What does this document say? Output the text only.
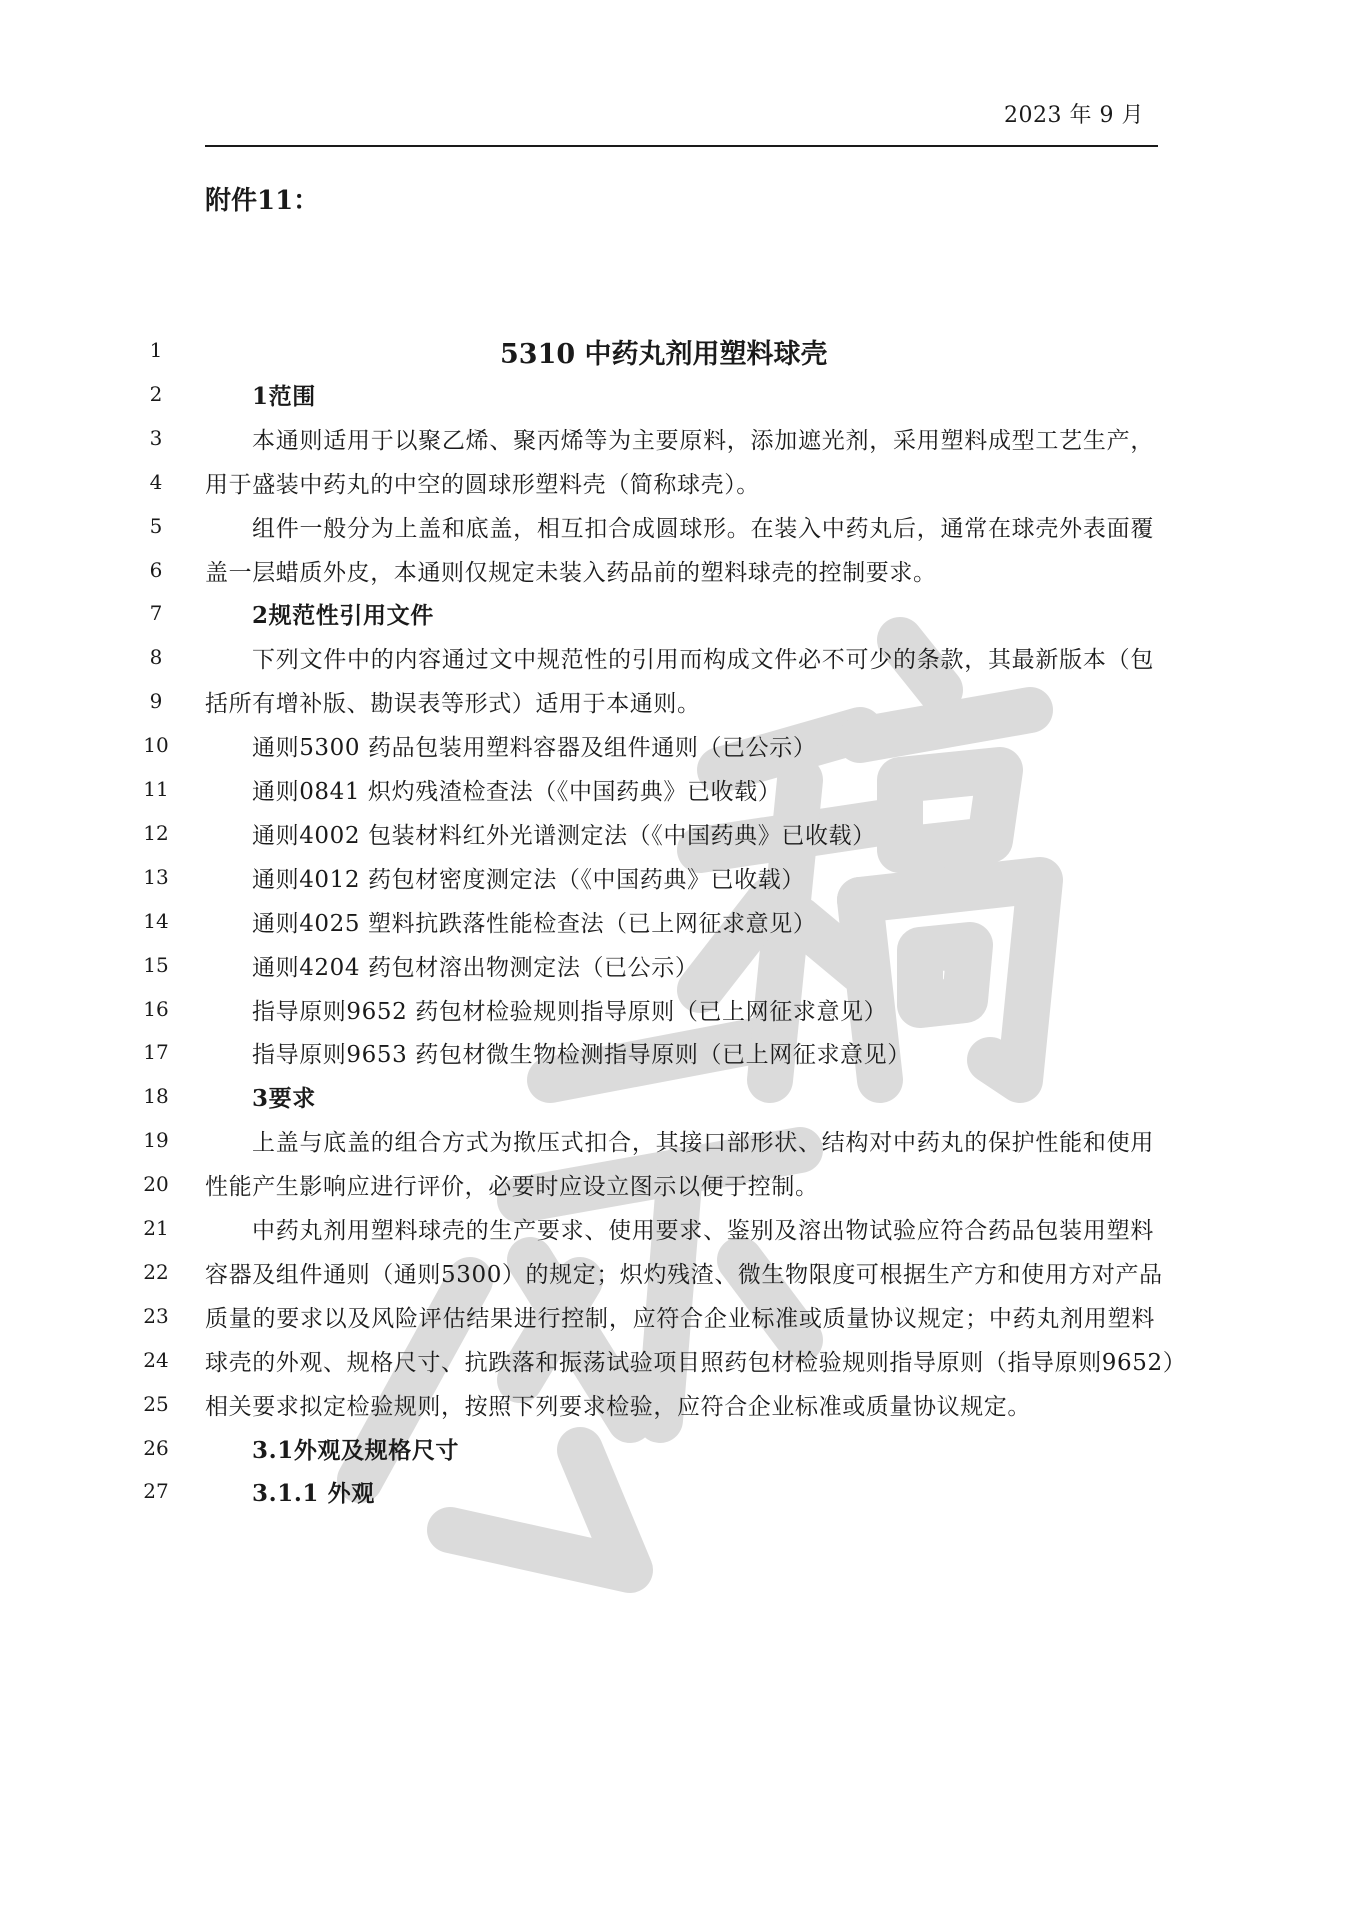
2023 年 9 月
附件11：
1	5310 中药丸剂用塑料球壳
2	1范围
3	本通则适用于以聚乙烯、聚丙烯等为主要原料，添加遮光剂，采用塑料成型工艺生产，
4	用于盛装中药丸的中空的圆球形塑料壳（简称球壳）。
5	组件一般分为上盖和底盖，相互扣合成圆球形。在装入中药丸后，通常在球壳外表面覆
6	盖一层蜡质外皮，本通则仅规定未装入药品前的塑料球壳的控制要求。
7	2规范性引用文件
8	下列文件中的内容通过文中规范性的引用而构成文件必不可少的条款，其最新版本（包
9	括所有增补版、勘误表等形式）适用于本通则。
10	通则5300 药品包装用塑料容器及组件通则（已公示）
11	通则0841 炽灼残渣检查法（《中国药典》已收载）
12	通则4002 包装材料红外光谱测定法（《中国药典》已收载）
13	通则4012 药包材密度测定法（《中国药典》已收载）
14	通则4025 塑料抗跌落性能检查法（已上网征求意见）
15	通则4204 药包材溶出物测定法（已公示）
16	指导原则9652 药包材检验规则指导原则（已上网征求意见）
17	指导原则9653 药包材微生物检测指导原则（已上网征求意见）
18	3要求
19	上盖与底盖的组合方式为揿压式扣合，其接口部形状、结构对中药丸的保护性能和使用
20	性能产生影响应进行评价，必要时应设立图示以便于控制。
21	中药丸剂用塑料球壳的生产要求、使用要求、鉴别及溶出物试验应符合药品包装用塑料
22	容器及组件通则（通则5300）的规定；炽灼残渣、微生物限度可根据生产方和使用方对产品
23	质量的要求以及风险评估结果进行控制，应符合企业标准或质量协议规定；中药丸剂用塑料
24	球壳的外观、规格尺寸、抗跌落和振荡试验项目照药包材检验规则指导原则（指导原则9652）
25	相关要求拟定检验规则，按照下列要求检验，应符合企业标准或质量协议规定。
26	3.1外观及规格尺寸
27	3.1.1 外观
